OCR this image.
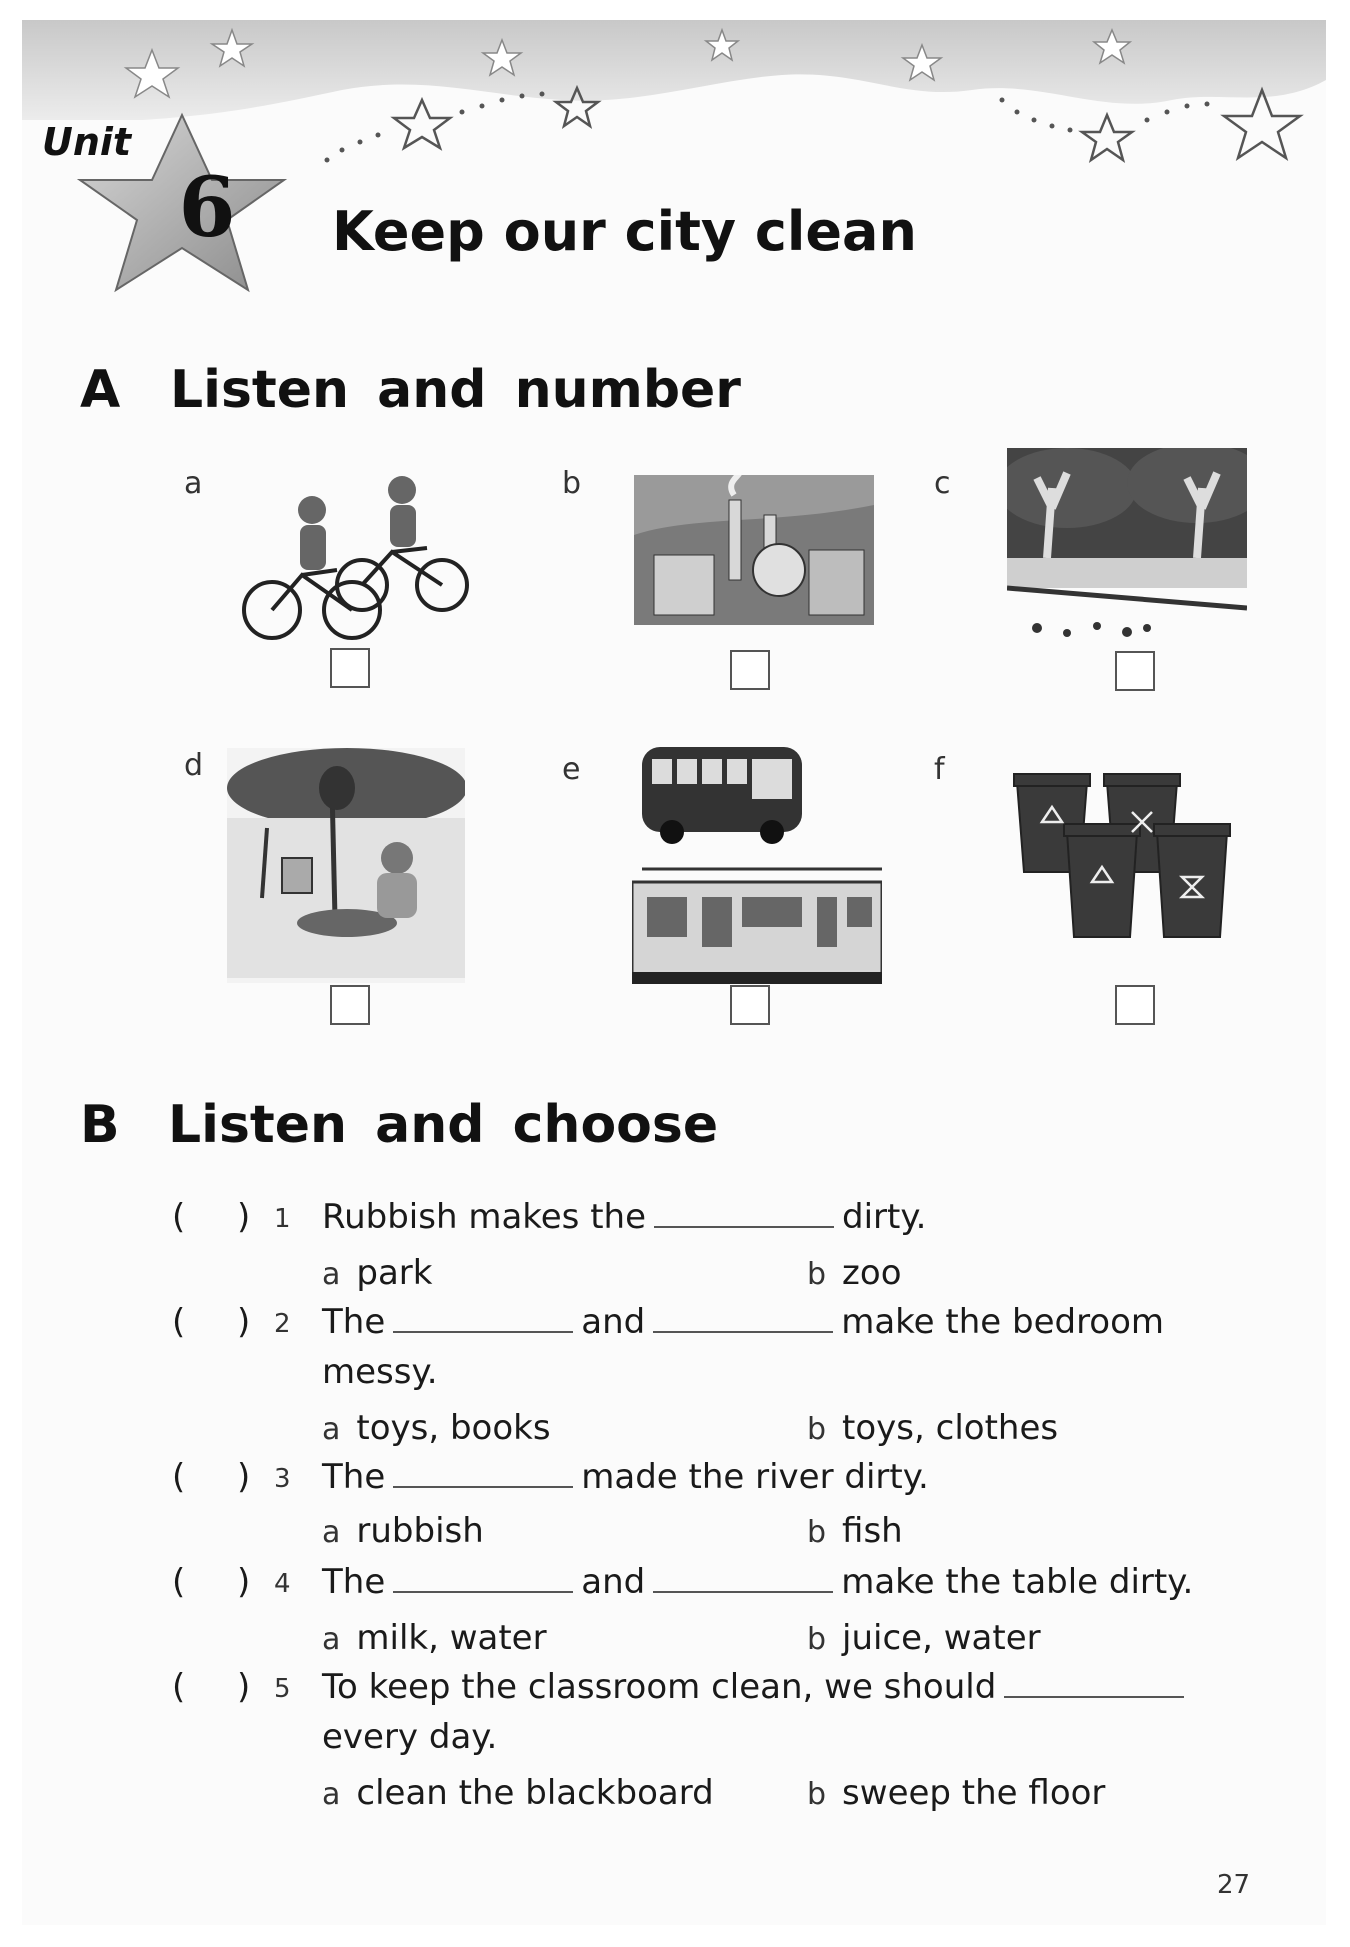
Unit
6	Keep our city clean
A Listen and number
a	b	c
d	e	f
B Listen and choose
( ) 1 Rubbish makes the	dirty.
a park	b zoo
( ) 2 The	and	make the bedroom
messy.
a toys, books	b toys, clothes
( ) 3 The	made the river dirty.
a rubbish	b fish
( ) 4 The	and	make the table dirty.
a milk, water	b juice, water
( ) 5 To keep the classroom clean, we should
every day.
a clean the blackboard	b sweep the floor
27
